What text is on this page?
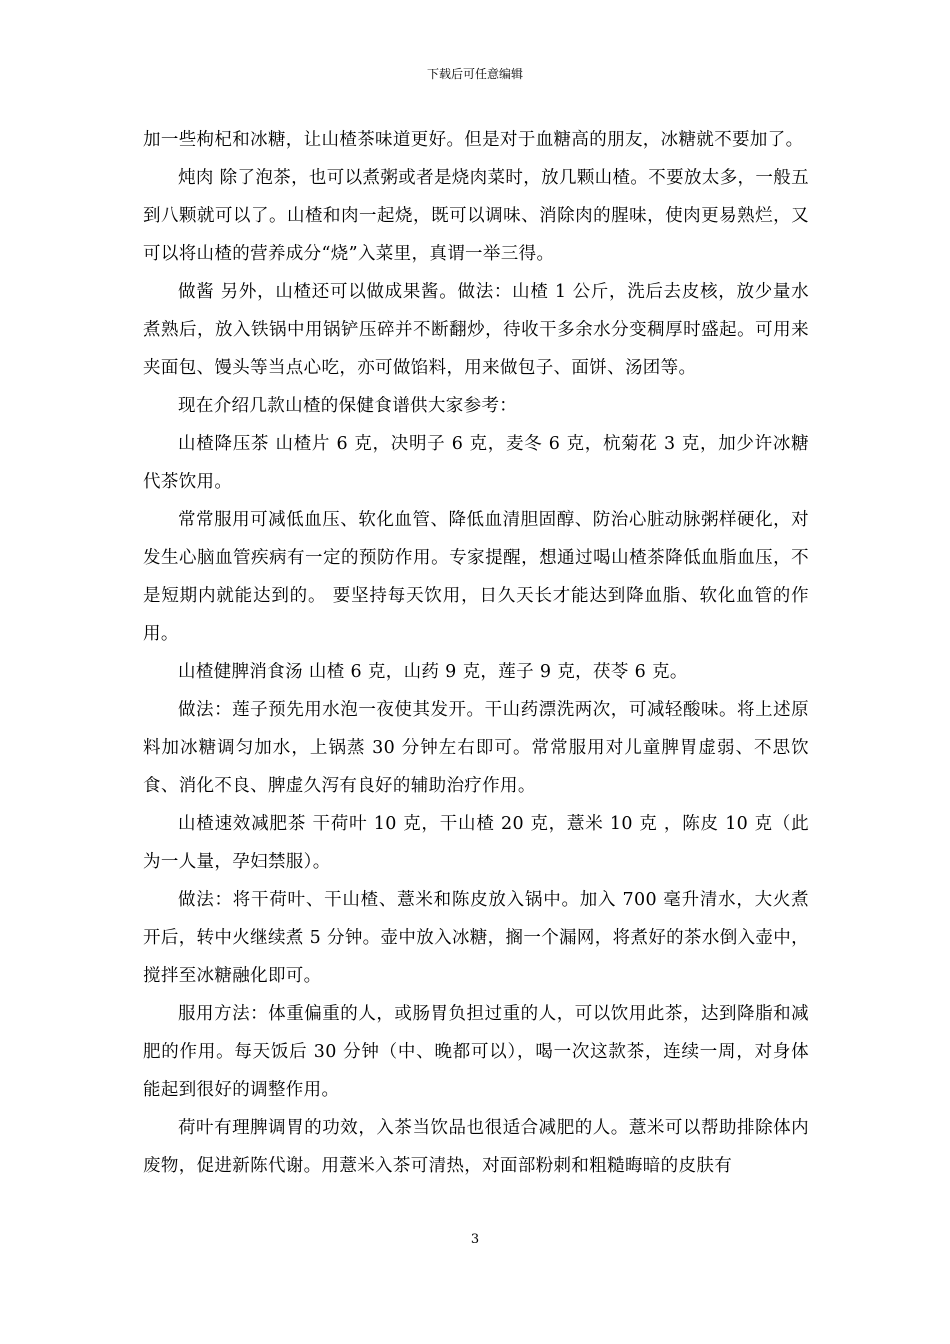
下载后可任意编辑

加一些枸杞和冰糖，让山楂茶味道更好。但是对于血糖高的朋友，冰糖就不要加了。

炖肉 除了泡茶，也可以煮粥或者是烧肉菜时，放几颗山楂。不要放太多，一般五到八颗就可以了。山楂和肉一起烧，既可以调味、消除肉的腥味，使肉更易熟烂，又可以将山楂的营养成分“烧”入菜里，真谓一举三得。

做酱 另外，山楂还可以做成果酱。做法：山楂 1 公斤，洗后去皮核，放少量水煮熟后，放入铁锅中用锅铲压碎并不断翻炒，待收干多余水分变稠厚时盛起。可用来夹面包、馒头等当点心吃，亦可做馅料，用来做包子、面饼、汤团等。

现在介绍几款山楂的保健食谱供大家参考：

山楂降压茶 山楂片 6 克，决明子 6 克，麦冬 6 克，杭菊花 3 克，加少许冰糖代茶饮用。

常常服用可减低血压、软化血管、降低血清胆固醇、防治心脏动脉粥样硬化，对发生心脑血管疾病有一定的预防作用。专家提醒，想通过喝山楂茶降低血脂血压，不是短期内就能达到的。 要坚持每天饮用，日久天长才能达到降血脂、软化血管的作用。

山楂健脾消食汤 山楂 6 克，山药 9 克，莲子 9 克，茯苓 6 克。

做法：莲子预先用水泡一夜使其发开。干山药漂洗两次，可减轻酸味。将上述原料加冰糖调匀加水，上锅蒸 30 分钟左右即可。常常服用对儿童脾胃虚弱、不思饮食、消化不良、脾虚久泻有良好的辅助治疗作用。

山楂速效减肥茶 干荷叶 10 克，干山楂 20 克，薏米 10 克 ，陈皮 10 克（此为一人量，孕妇禁服）。

做法：将干荷叶、干山楂、薏米和陈皮放入锅中。加入 700 毫升清水，大火煮开后，转中火继续煮 5 分钟。壶中放入冰糖，搁一个漏网，将煮好的茶水倒入壶中，搅拌至冰糖融化即可。

服用方法：体重偏重的人，或肠胃负担过重的人，可以饮用此茶，达到降脂和减肥的作用。每天饭后 30 分钟（中、晚都可以），喝一次这款茶，连续一周，对身体能起到很好的调整作用。

荷叶有理脾调胃的功效，入茶当饮品也很适合减肥的人。薏米可以帮助排除体内废物，促进新陈代谢。用薏米入茶可清热，对面部粉刺和粗糙晦暗的皮肤有

3
